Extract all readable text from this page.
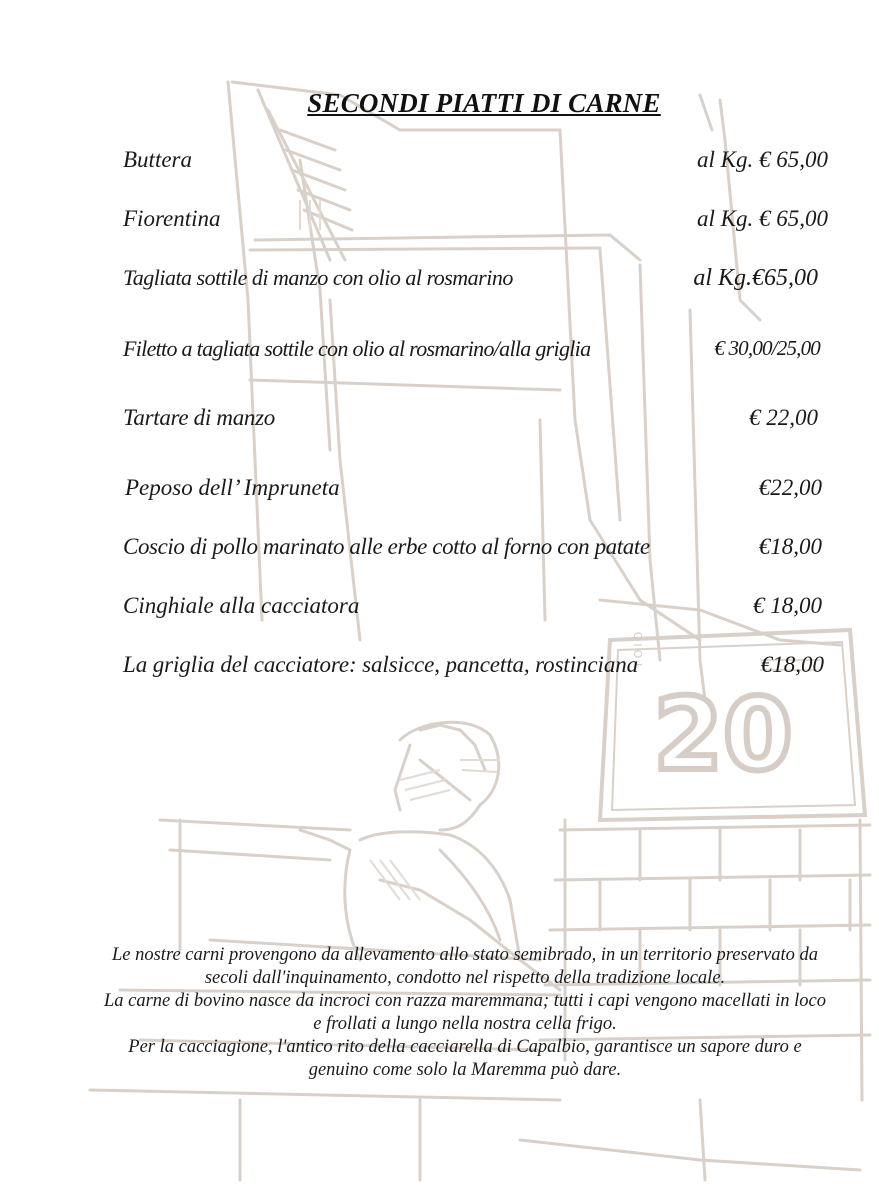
TOIO
20
SECONDI PIATTI DI CARNE
Buttera	al Kg. € 65,00
Fiorentina	al Kg. € 65,00
Tagliata sottile di manzo con olio al rosmarino	al Kg.€65,00
Filetto a tagliata sottile con olio al rosmarino/alla griglia	€ 30,00/25,00
Tartare di manzo	€ 22,00
Peposo dell’ Impruneta	€22,00
Coscio di pollo marinato alle erbe cotto al forno con patate	€18,00
Cinghiale alla cacciatora	€ 18,00
La griglia del cacciatore: salsicce, pancetta, rostinciana	€18,00

Le nostre carni provengono da allevamento allo stato semibrado, in un territorio preservato da secoli dall'inquinamento, condotto nel rispetto della tradizione locale.

La carne di bovino nasce da incroci con razza maremmana; tutti i capi vengono macellati in loco e frollati a lungo nella nostra cella frigo.

Per la cacciagione, l'antico rito della cacciarella di Capalbio, garantisce un sapore duro e genuino come solo la Maremma può dare.
